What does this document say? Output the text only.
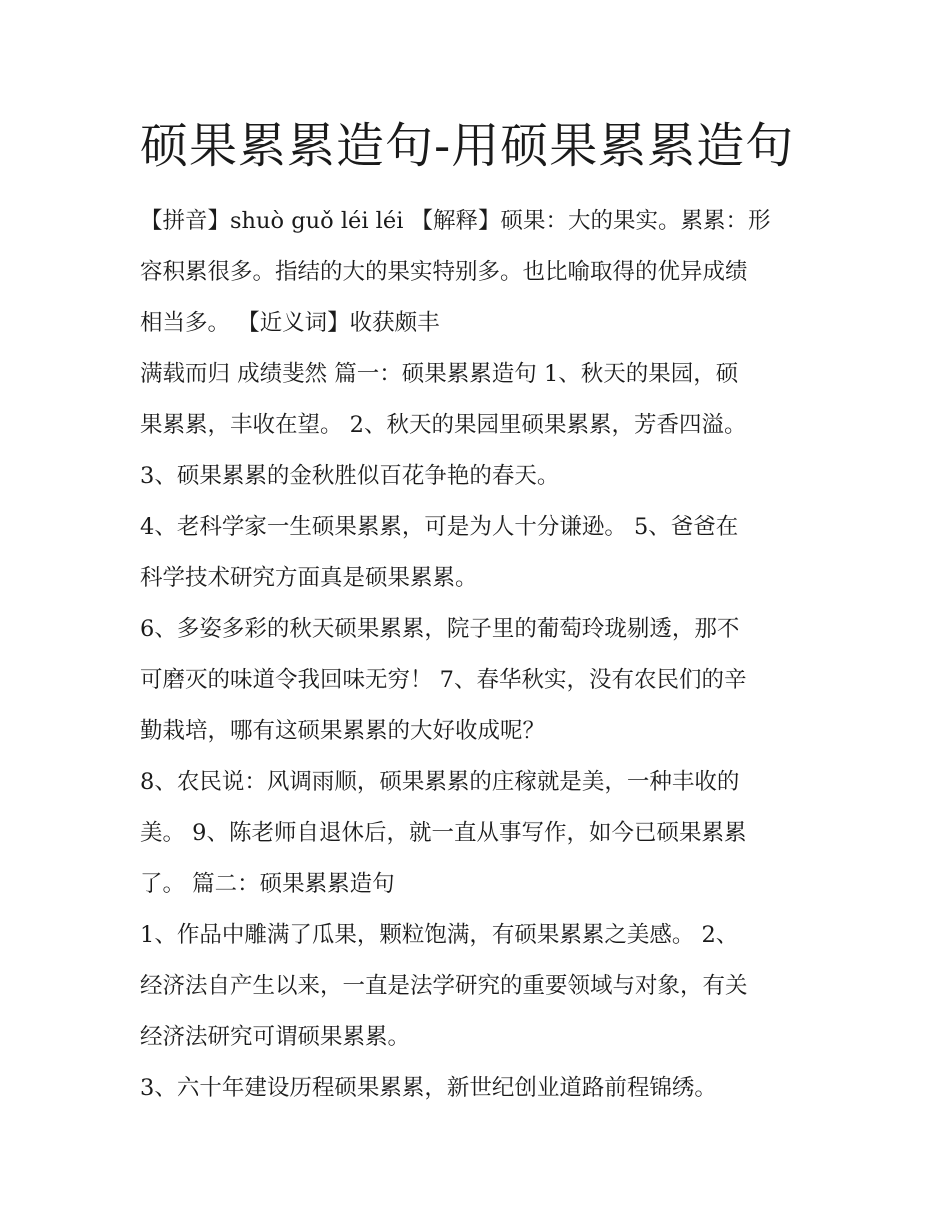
硕果累累造句-用硕果累累造句

【拼音】shuò guǒ léi léi 【解释】硕果：大的果实。累累：形

容积累很多。指结的大的果实特别多。也比喻取得的优异成绩

相当多。 【近义词】收获颇丰

满载而归 成绩斐然 篇一：硕果累累造句 1、秋天的果园，硕

果累累，丰收在望。 2、秋天的果园里硕果累累，芳香四溢。

3、硕果累累的金秋胜似百花争艳的春天。

4、老科学家一生硕果累累，可是为人十分谦逊。 5、爸爸在

科学技术研究方面真是硕果累累。

6、多姿多彩的秋天硕果累累，院子里的葡萄玲珑剔透，那不

可磨灭的味道令我回味无穷！ 7、春华秋实，没有农民们的辛

勤栽培，哪有这硕果累累的大好收成呢？

8、农民说：风调雨顺，硕果累累的庄稼就是美，一种丰收的

美。 9、陈老师自退休后，就一直从事写作，如今已硕果累累

了。 篇二：硕果累累造句

1、作品中雕满了瓜果，颗粒饱满，有硕果累累之美感。 2、

经济法自产生以来，一直是法学研究的重要领域与对象，有关

经济法研究可谓硕果累累。

3、六十年建设历程硕果累累，新世纪创业道路前程锦绣。
